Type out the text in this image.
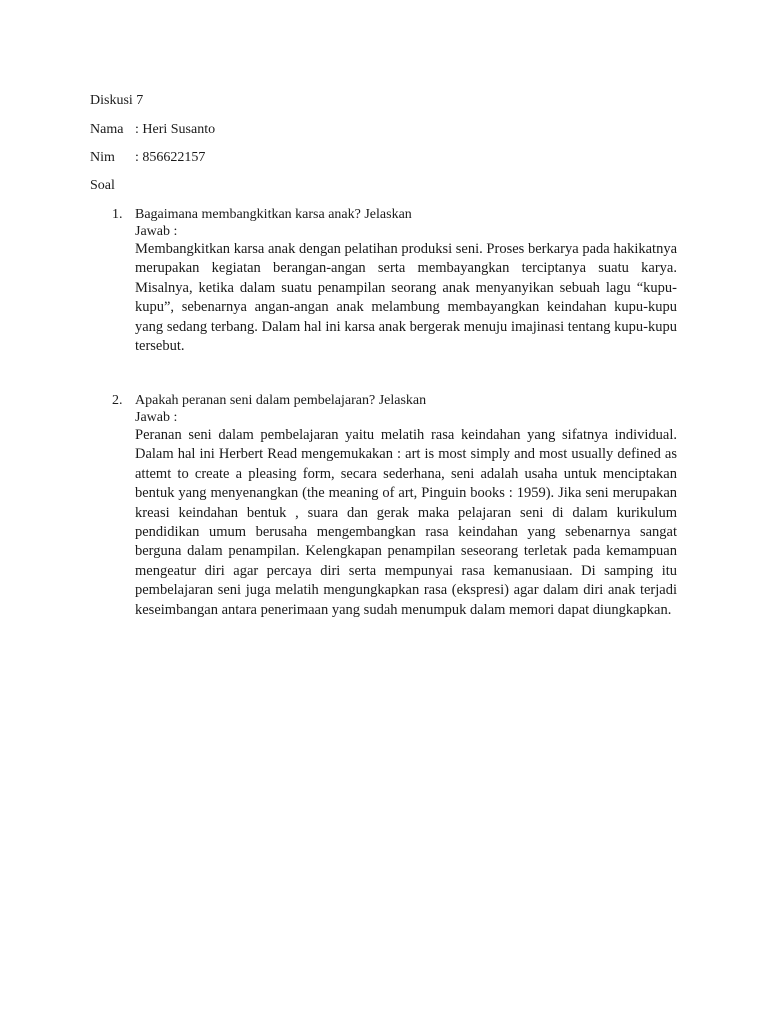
Diskusi 7
Nama : Heri Susanto
Nim : 856622157
Soal
1. Bagaimana membangkitkan karsa anak? Jelaskan

Jawab :

Membangkitkan karsa anak dengan pelatihan produksi seni. Proses berkarya pada hakikatnya merupakan kegiatan berangan-angan serta membayangkan terciptanya suatu karya. Misalnya, ketika dalam suatu penampilan seorang anak menyanyikan sebuah lagu “kupu-kupu”, sebenarnya angan-angan anak melambung membayangkan keindahan kupu-kupu yang sedang terbang. Dalam hal ini karsa anak bergerak menuju imajinasi tentang kupu-kupu tersebut.

2. Apakah peranan seni dalam pembelajaran? Jelaskan

Jawab :

Peranan seni dalam pembelajaran yaitu melatih rasa keindahan yang sifatnya individual. Dalam hal ini Herbert Read mengemukakan : art is most simply and most usually defined as attemt to create a pleasing form, secara sederhana, seni adalah usaha untuk menciptakan bentuk yang menyenangkan (the meaning of art, Pinguin books : 1959). Jika seni merupakan kreasi keindahan bentuk , suara dan gerak maka pelajaran seni di dalam kurikulum pendidikan umum berusaha mengembangkan rasa keindahan yang sebenarnya sangat berguna dalam penampilan. Kelengkapan penampilan seseorang terletak pada kemampuan mengeatur diri agar percaya diri serta mempunyai rasa kemanusiaan. Di samping itu pembelajaran seni juga melatih mengungkapkan rasa (ekspresi) agar dalam diri anak terjadi keseimbangan antara penerimaan yang sudah menumpuk dalam memori dapat diungkapkan.
